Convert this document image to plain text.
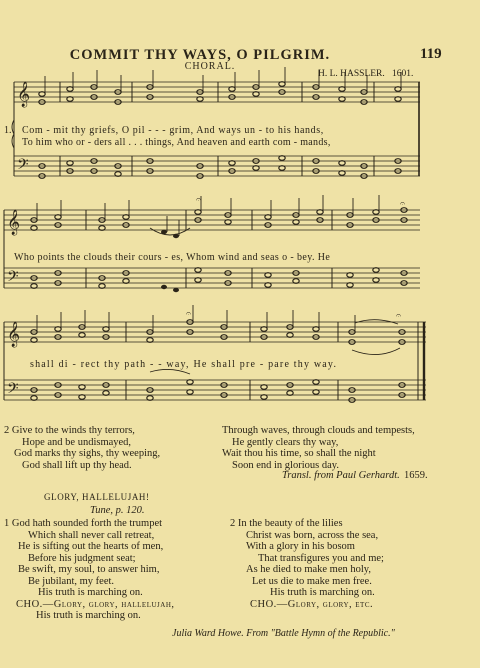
COMMIT THY WAYS, O PILGRIM.	119
CHORAL.
H. L. HASSLER. 1601.
𝄞
𝄢
𝄞
𝄢
𝄞
𝄢
𝄐	𝄐
𝄐	𝄐
1. Com - mit thy griefs, O pil - - - grim, And ways un - to his hands,
To him who or - ders all . . . things, And heaven and earth com - mands,
Who points the clouds their cours - es, Whom wind and seas o - bey. He
shall di - rect thy path - - way, He shall pre - pare thy way.
2 Give to the winds thy terrors,
Hope and be undismayed,
God marks thy sighs, thy weeping,
God shall lift up thy head.
Through waves, through clouds and tempests,
He gently clears thy way,
Wait thou his time, so shall the night
Soon end in glorious day.
Transl. from Paul Gerhardt. 1659.
GLORY, HALLELUJAH!
Tune, p. 120.
1 God hath sounded forth the trumpet
Which shall never call retreat,
He is sifting out the hearts of men,
Before his judgment seat;
Be swift, my soul, to answer him,
Be jubilant, my feet.
His truth is marching on.
CHO.—Glory, glory, hallelujah,
His truth is marching on.
2 In the beauty of the lilies
Christ was born, across the sea,
With a glory in his bosom
That transfigures you and me;
As he died to make men holy,
Let us die to make men free.
His truth is marching on.
CHO.—Glory, glory, etc.
Julia Ward Howe. From "Battle Hymn of the Republic."
